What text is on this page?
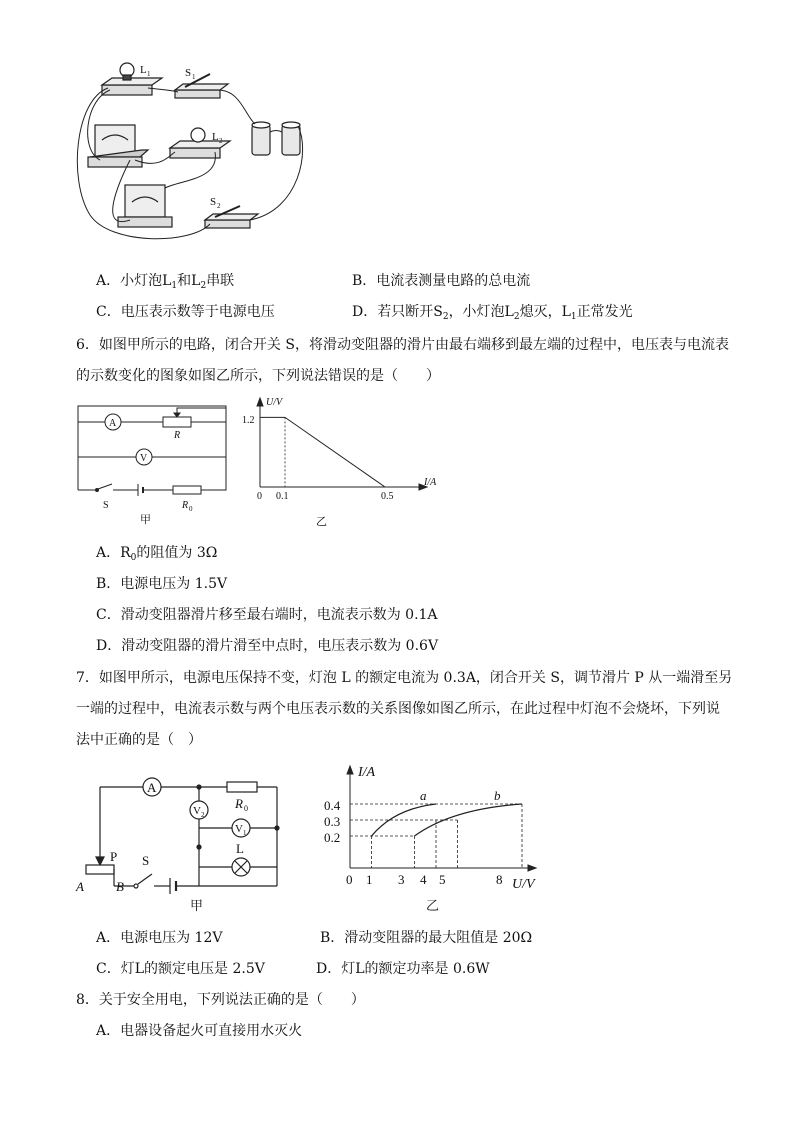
L 1	S 1
L 2
S 2
A．小灯泡$L_1$和$L_2$串联	B．电流表测量电路的总电流
C．电压表示数等于电源电压	D．若只断开$S_2$，小灯泡$L_2$熄灭，$L_1$正常发光
6．如图甲所示的电路，闭合开关 S，将滑动变阻器的滑片由最右端移到最左端的过程中，电压表与电流表
的示数变化的图象如图乙所示，下列说法错误的是（　　）
A
R
V
S	R 0
甲
U/V
I/A
1.2
0 0.1	0.5
乙
A．$R_0$的阻值为 3Ω
B．电源电压为 1.5V
C．滑动变阻器滑片移至最右端时，电流表示数为 0.1A
D．滑动变阻器的滑片滑至中点时，电压表示数为 0.6V
7．如图甲所示，电源电压保持不变，灯泡 L 的额定电流为 0.3A，闭合开关 S，调节滑片 P 从一端滑至另
一端的过程中，电流表示数与两个电压表示数的关系图像如图乙所示，在此过程中灯泡不会烧坏，下列说
法中正确的是（　）
A
R 0
V 2
V 1
L
P S
A B
甲
I/A
U/V
0.4
0.3
0.2
0 1 3 4 5	8
a	b
乙
A．电源电压为 12V	B．滑动变阻器的最大阻值是 20Ω
C．灯L的额定电压是 2.5V	D．灯L的额定功率是 0.6W
8．关于安全用电，下列说法正确的是（　　）
A．电器设备起火可直接用水灭火
